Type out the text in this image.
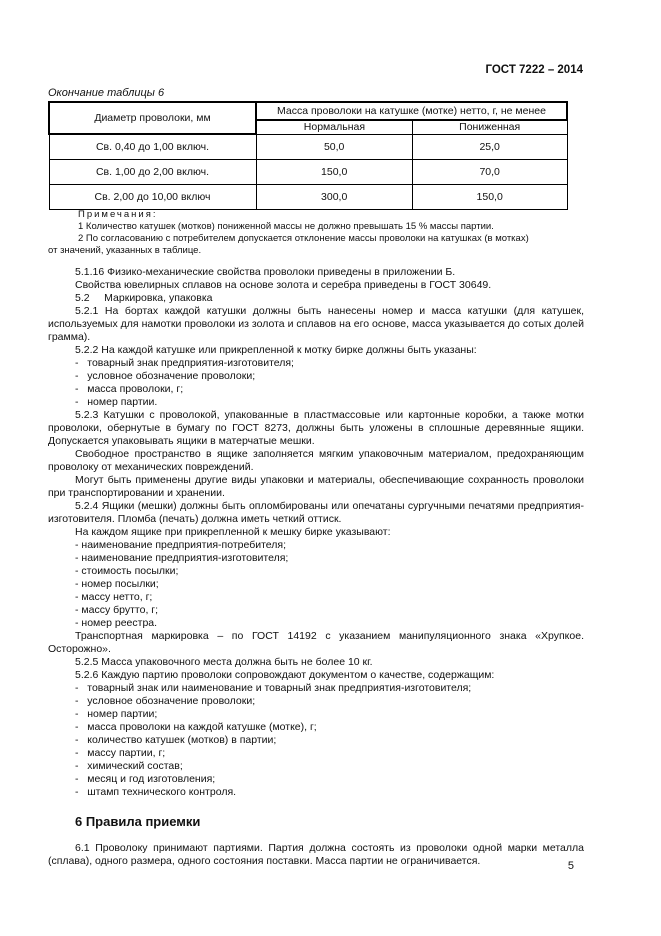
ГОСТ 7222 – 2014
Окончание таблицы 6
Диаметр проволоки, мм	Масса проволоки на катушке (мотке) нетто, г, не менее	
	Нормальная	Пониженная
Св. 0,40 до 1,00 включ.	50,0	25,0
Св. 1,00 до 2,00 включ.	150,0	70,0
Св. 2,00 до 10,00 включ	300,0	150,0
Примечания:
1 Количество катушек (мотков) пониженной массы не должно превышать 15 % массы партии.
2 По согласованию с потребителем допускается отклонение массы проволоки на катушках (в мотках)
от значений, указанных в таблице.

5.1.16 Физико-механические свойства проволоки приведены в приложении Б.

Свойства ювелирных сплавов на основе золота и серебра приведены в ГОСТ 30649.

5.2     Маркировка, упаковка

5.2.1 На бортах каждой катушки должны быть нанесены номер и масса катушки (для катушек, используемых для намотки проволоки из золота и сплавов на его основе, масса указывается до сотых долей грамма).

5.2.2 На каждой катушке или прикрепленной к мотку бирке должны быть указаны:

-   товарный знак предприятия-изготовителя;

-   условное обозначение проволоки;

-   масса проволоки, г;

-   номер партии.

5.2.3 Катушки с проволокой, упакованные в пластмассовые или картонные коробки, а также мотки проволоки, обернутые в бумагу по ГОСТ 8273, должны быть уложены в сплошные деревянные ящики. Допускается упаковывать ящики в матерчатые мешки.

Свободное пространство в ящике заполняется мягким упаковочным материалом, предохраняющим проволоку от механических повреждений.

Могут быть применены другие виды упаковки и материалы, обеспечивающие сохранность проволоки при транспортировании и хранении.

5.2.4 Ящики (мешки) должны быть опломбированы или опечатаны сургучными печатями предприятия-изготовителя. Пломба (печать) должна иметь четкий оттиск.

На каждом ящике при прикрепленной к мешку бирке указывают:

- наименование предприятия-потребителя;

- наименование предприятия-изготовителя;

- стоимость посылки;

- номер посылки;

- массу нетто, г;

- массу брутто, г;

- номер реестра.

Транспортная маркировка – по ГОСТ 14192 с указанием манипуляционного знака «Хрупкое. Осторожно».

5.2.5 Масса упаковочного места должна быть не более 10 кг.

5.2.6 Каждую партию проволоки сопровождают документом о качестве, содержащим:

-   товарный знак или наименование и товарный знак предприятия-изготовителя;

-   условное обозначение проволоки;

-   номер партии;

-   масса проволоки на каждой катушке (мотке), г;

-   количество катушек (мотков) в партии;

-   массу партии, г;

-   химический состав;

-   месяц и год изготовления;

-   штамп технического контроля.

6 Правила приемки

6.1 Проволоку принимают партиями. Партия должна состоять из проволоки одной марки металла (сплава), одного размера, одного состояния поставки. Масса партии не ограничивается.	5
